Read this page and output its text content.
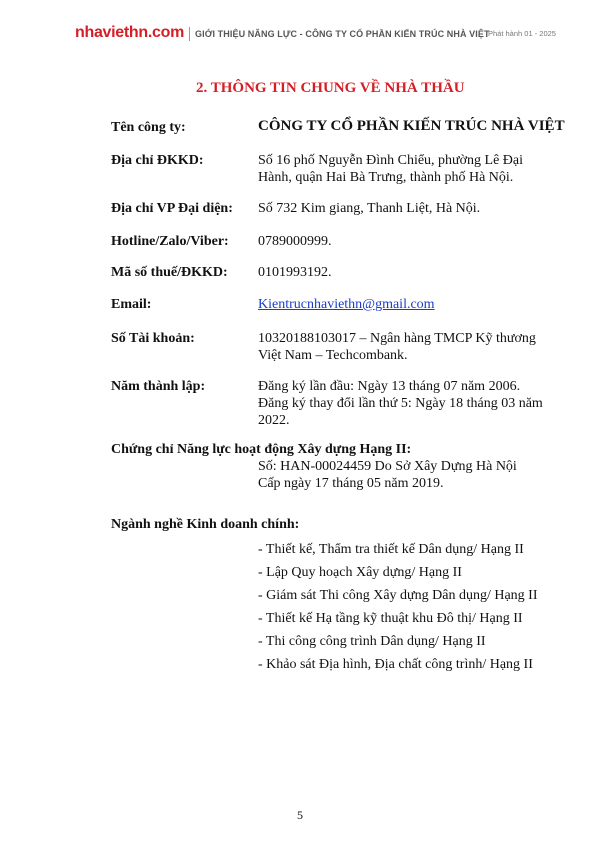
nhaviethn.com GIỚI THIỆU NĂNG LỰC - CÔNG TY CỔ PHẦN KIẾN TRÚC NHÀ VIỆT
Phát hành 01 - 2025
2. THÔNG TIN CHUNG VỀ NHÀ THẦU
Tên công ty:	CÔNG TY CỔ PHẦN KIẾN TRÚC NHÀ VIỆT
Địa chỉ ĐKKD:	Số 16 phố Nguyễn Đình Chiểu, phường Lê Đại
Hành, quận Hai Bà Trưng, thành phố Hà Nội.
Địa chỉ VP Đại diện: Số 732 Kim giang, Thanh Liệt, Hà Nội.
Hotline/Zalo/Viber: 0789000999.
Mã số thuế/ĐKKD: 0101993192.
Email:	Kientrucnhaviethn@gmail.com
Số Tài khoản:	10320188103017 – Ngân hàng TMCP Kỹ thương
Việt Nam – Techcombank.
Năm thành lập:	Đăng ký lần đầu: Ngày 13 tháng 07 năm 2006.
Đăng ký thay đổi lần thứ 5: Ngày 18 tháng 03 năm
2022.
Chứng chỉ Năng lực hoạt động Xây dựng Hạng II:
Số: HAN-00024459 Do Sở Xây Dựng Hà Nội
Cấp ngày 17 tháng 05 năm 2019.
Ngành nghề Kinh doanh chính:
- Thiết kế, Thẩm tra thiết kế Dân dụng/ Hạng II
- Lập Quy hoạch Xây dựng/ Hạng II
- Giám sát Thi công Xây dựng Dân dụng/ Hạng II
- Thiết kế Hạ tầng kỹ thuật khu Đô thị/ Hạng II
- Thi công công trình Dân dụng/ Hạng II
- Khảo sát Địa hình, Địa chất công trình/ Hạng II
5
